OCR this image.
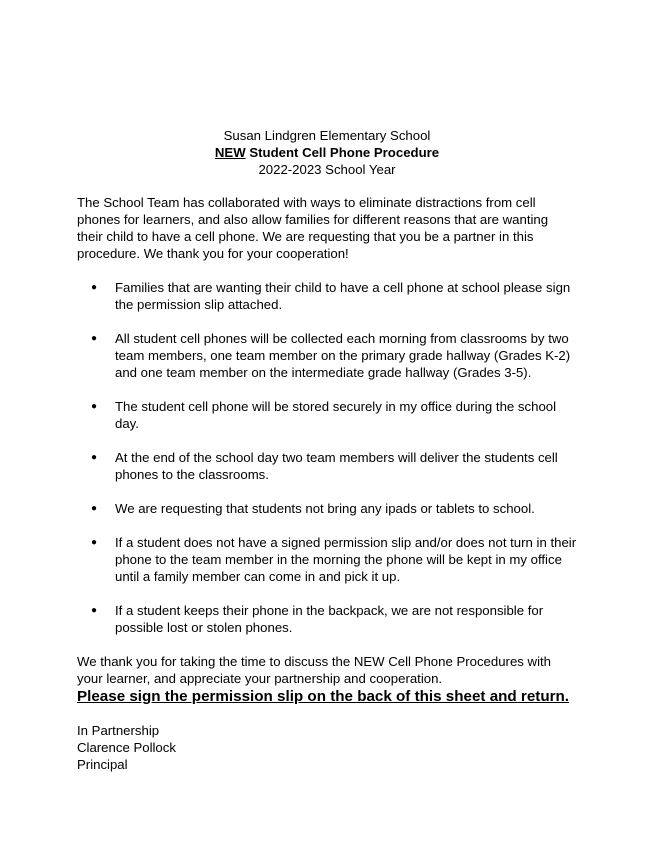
Susan Lindgren Elementary School

NEW Student Cell Phone Procedure

2022-2023 School Year

The School Team has collaborated with ways to eliminate distractions from cell phones for learners, and also allow families for different reasons that are wanting their child to have a cell phone. We are requesting that you be a partner in this procedure. We thank you for your cooperation!

● Families that are wanting their child to have a cell phone at school please sign the permission slip attached.
● All student cell phones will be collected each morning from classrooms by two team members, one team member on the primary grade hallway (Grades K-2) and one team member on the intermediate grade hallway (Grades 3-5).
● The student cell phone will be stored securely in my office during the school day.
● At the end of the school day two team members will deliver the students cell phones to the classrooms.
● We are requesting that students not bring any ipads or tablets to school.
● If a student does not have a signed permission slip and/or does not turn in their phone to the team member in the morning the phone will be kept in my office until a family member can come in and pick it up.
● If a student keeps their phone in the backpack, we are not responsible for possible lost or stolen phones.

We thank you for taking the time to discuss the NEW Cell Phone Procedures with your learner, and appreciate your partnership and cooperation.

Please sign the permission slip on the back of this sheet and return.

In Partnership

Clarence Pollock

Principal
